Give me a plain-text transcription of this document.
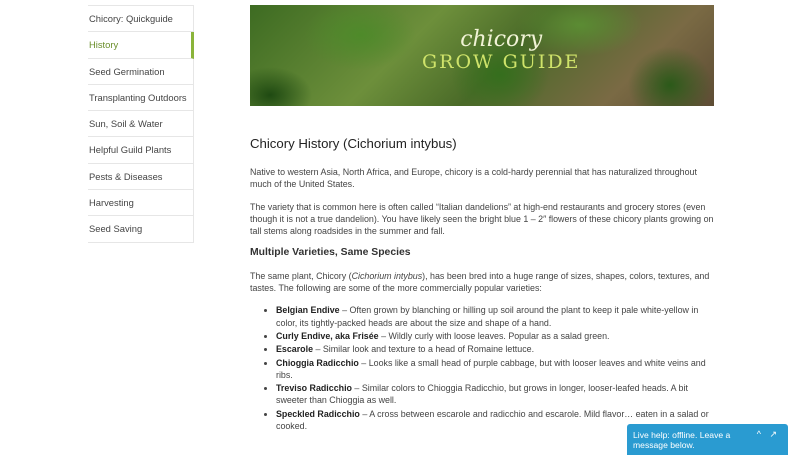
Chicory: Quickguide
History
Seed Germination
Transplanting Outdoors
Sun, Soil & Water
Helpful Guild Plants
Pests & Diseases
Harvesting
Seed Saving
chicory
GROW GUIDE
Chicory History (Cichorium intybus)

Native to western Asia, North Africa, and Europe, chicory is a cold-hardy perennial that has naturalized throughout much of the United States.

The variety that is common here is often called “Italian dandelions” at high-end restaurants and grocery stores (even though it is not a true dandelion). You have likely seen the bright blue 1 – 2″ flowers of these chicory plants growing on tall stems along roadsides in the summer and fall.

Multiple Varieties, Same Species

The same plant, Chicory (Cichorium intybus), has been bred into a huge range of sizes, shapes, colors, textures, and tastes. The following are some of the more commercially popular varieties:

• Belgian Endive – Often grown by blanching or hilling up soil around the plant to keep it pale white-yellow in color, its tightly-packed heads are about the size and shape of a hand.
• Curly Endive, aka Frisée – Wildly curly with loose leaves. Popular as a salad green.
• Escarole – Similar look and texture to a head of Romaine lettuce.
• Chioggia Radicchio – Looks like a small head of purple cabbage, but with looser leaves and white veins and ribs.
• Treviso Radicchio – Similar colors to Chioggia Radicchio, but grows in longer, looser-leafed heads. A bit sweeter than Chioggia as well.
• Speckled Radicchio – A cross between escarole and radicchio and escarole. Mild flavor… eaten in a salad or cooked.
Live help: offline. Leave a message below.
^ ↗
